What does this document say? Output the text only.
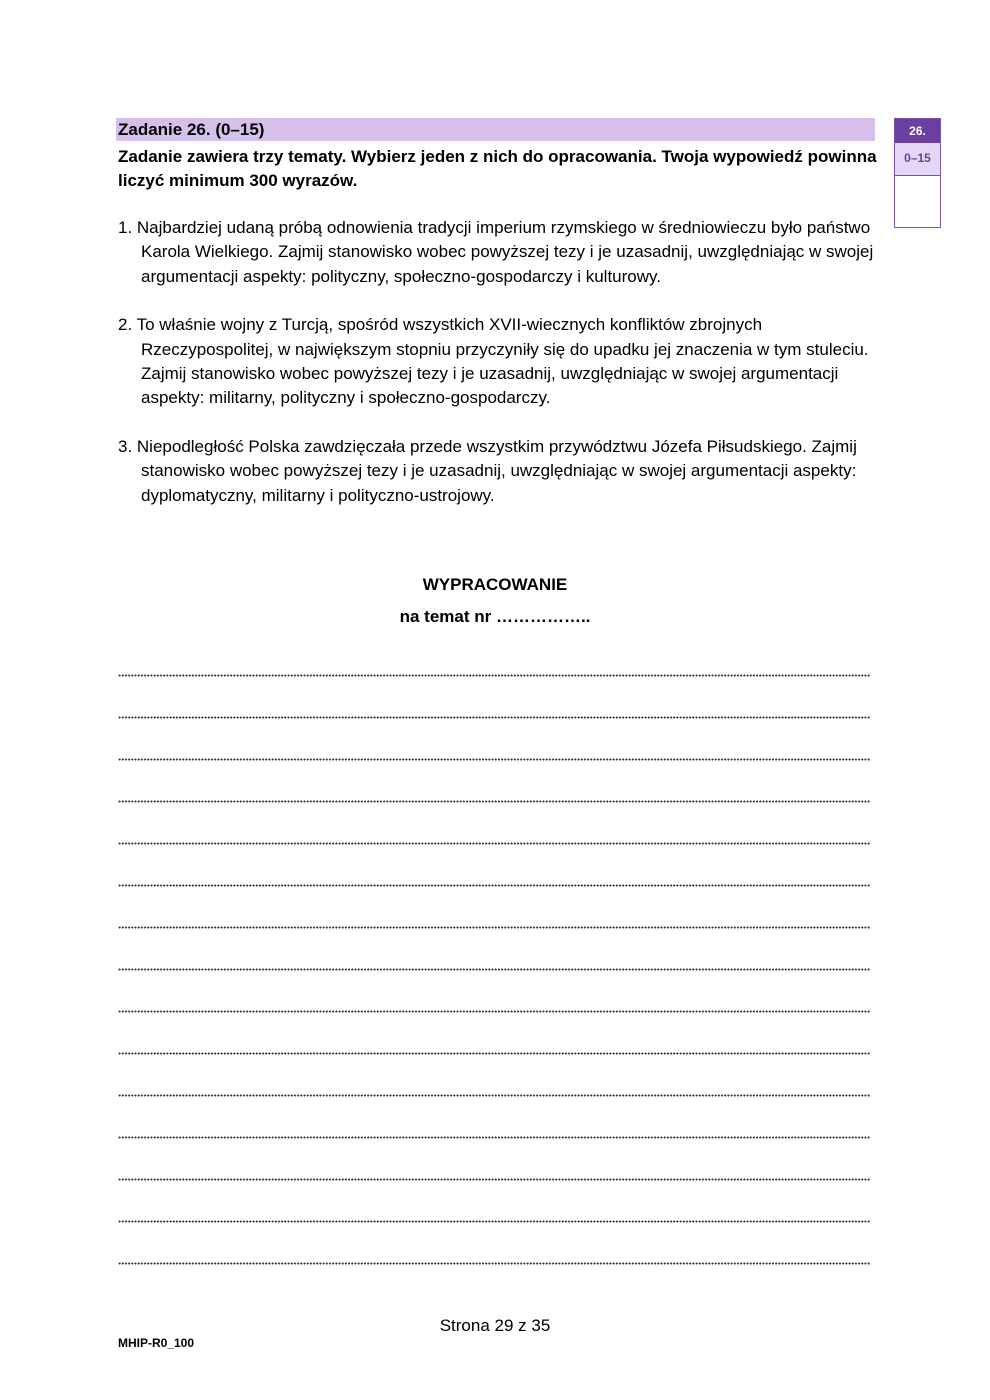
Zadanie 26. (0–15)
Zadanie zawiera trzy tematy. Wybierz jeden z nich do opracowania. Twoja wypowiedź powinna liczyć minimum 300 wyrazów.

1. Najbardziej udaną próbą odnowienia tradycji imperium rzymskiego w średniowieczu było państwo Karola Wielkiego. Zajmij stanowisko wobec powyższej tezy i je uzasadnij, uwzględniając w swojej argumentacji aspekty: polityczny, społeczno-gospodarczy i kulturowy.

2. To właśnie wojny z Turcją, spośród wszystkich XVII-wiecznych konfliktów zbrojnych Rzeczypospolitej, w największym stopniu przyczyniły się do upadku jej znaczenia w tym stuleciu. Zajmij stanowisko wobec powyższej tezy i je uzasadnij, uwzględniając w swojej argumentacji aspekty: militarny, polityczny i społeczno-gospodarczy.

3. Niepodległość Polska zawdzięczała przede wszystkim przywództwu Józefa Piłsudskiego. Zajmij stanowisko wobec powyższej tezy i je uzasadnij, uwzględniając w swojej argumentacji aspekty: dyplomatyczny, militarny i polityczno-ustrojowy.

WYPRACOWANIE
na temat nr ……………..
26.
0–15
Strona 29 z 35
MHIP-R0_100
